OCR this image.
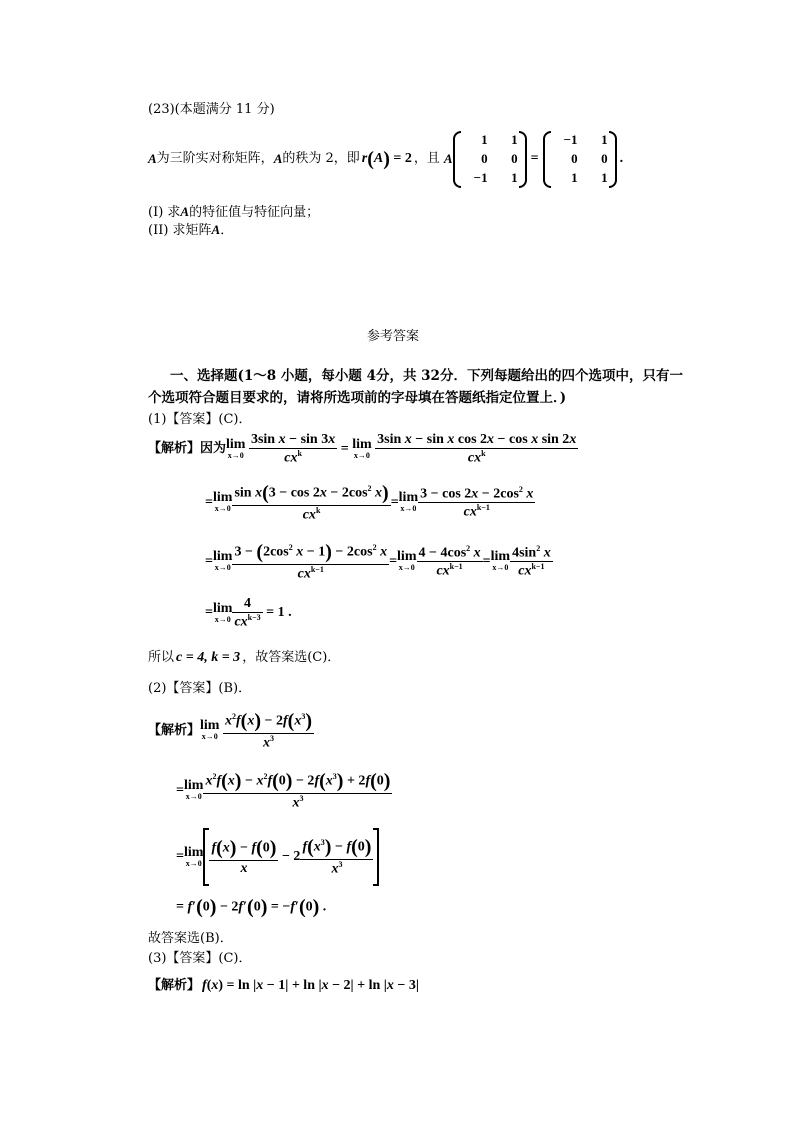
(23)(本题满分 11 分)
A 为三阶实对称矩阵， A 的秩为 2，即 r(A) = 2 ，且 A
1	1
0	0
−1	1
=
−1	1
0	0
1	1
.
(I) 求A的特征值与特征向量；
(II) 求矩阵A．
参考答案
一、选择题(1～8 小题，每小题 4分，共 32分．下列每题给出的四个选项中，只有一
个选项符合题目要求的，请将所选项前的字母填在答题纸指定位置上．)
(1)【答案】(C)．
【解析】因为 lim
x→0
$\frac{\text{3sin x − sin 3x}}{cx^k} = \lim$
x→0
$\frac{\text{3sin x − sin x cos 2x − cos x sin 2x}}{cx^k}$
= lim
$x\to 0 \frac{\sin x(3 - \cos 2x - 2\cos^2 x)}{cx^k} = \lim$
$x\to 0 \frac{3 - \cos 2x - 2\cos^2 x}{cx^{k-1}}$
= lim
$x\to 0 \frac{3 - (2\cos^2 x - 1) - 2\cos^2 x}{cx^{k-1}} = \lim$
$x\to 0 \frac{4 - 4\cos^2 x}{cx^{k-1}} = \lim$
$x\to 0 \frac{4\sin^2 x}{cx^{k-1}}$
= lim
$x\to 0 \frac{4}{cx^{k-3}} = 1$ .
所以 c = 4, k = 3 ，故答案选(C)．
(2)【答案】(B)．
【解析】 lim
x→0
$\frac{x^2f(x) - 2f(x^3)}{x^3}$
= lim
$x\to 0 \frac{x^2f(x) - x^2f(0) - 2f(x^3) + 2f(0)}{x^3}$
= lim
$x\to 0 \frac{f(x) - f(0)}{x} - 2 \frac{f(x^3) - f(0)}{x^3}$
= f′(0) − 2f′(0) = −f′(0) .
故答案选(B)．
(3)【答案】(C)．
【解析】 f(x) = ln |x − 1| + ln |x − 2| + ln |x − 3|
